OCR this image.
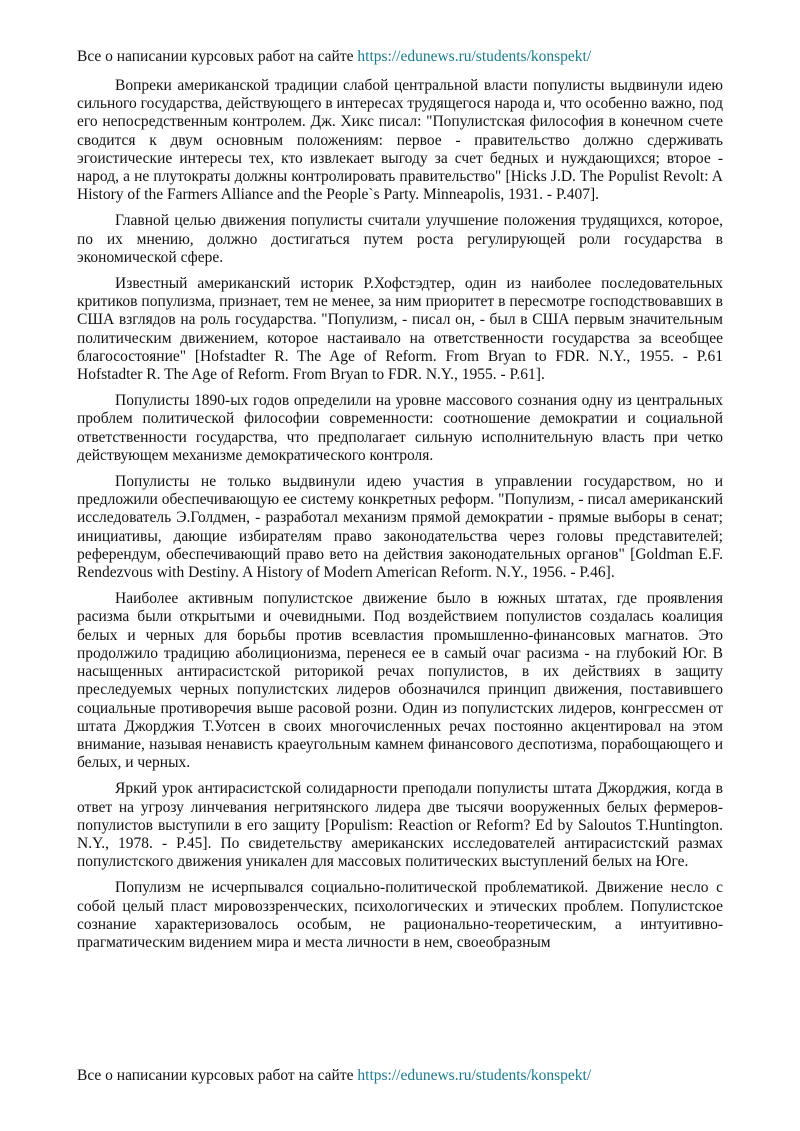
Все о написании курсовых работ на сайте https://edunews.ru/students/konspekt/

Вопреки американской традиции слабой центральной власти популисты выдвинули идею сильного государства, действующего в интересах трудящегося народа и, что особенно важно, под его непосредственным контролем. Дж. Хикс писал: "Популистская философия в конечном счете сводится к двум основным положениям: первое - правительство должно сдерживать эгоистические интересы тех, кто извлекает выгоду за счет бедных и нуждающихся; второе - народ, а не плутократы должны контролировать правительство" [Hicks J.D. The Populist Revolt: A History of the Farmers Alliance and the People`s Party. Minneapolis, 1931. - P.407].

Главной целью движения популисты считали улучшение положения трудящихся, которое, по их мнению, должно достигаться путем роста регулирующей роли государства в экономической сфере.

Известный американский историк Р.Хофстэдтер, один из наиболее последовательных критиков популизма, признает, тем не менее, за ним приоритет в пересмотре господствовавших в США взглядов на роль государства. "Популизм, - писал он, - был в США первым значительным политическим движением, которое настаивало на ответственности государства за всеобщее благосостояние" [Hofstadter R. The Age of Reform. From Bryan to FDR. N.Y., 1955. - P.61 Hofstadter R. The Age of Reform. From Bryan to FDR. N.Y., 1955. - P.61].

Популисты 1890-ых годов определили на уровне массового сознания одну из центральных проблем политической философии современности: соотношение демократии и социальной ответственности государства, что предполагает сильную исполнительную власть при четко действующем механизме демократического контроля.

Популисты не только выдвинули идею участия в управлении государством, но и предложили обеспечивающую ее систему конкретных реформ. "Популизм, - писал американский исследователь Э.Голдмен, - разработал механизм прямой демократии - прямые выборы в сенат; инициативы, дающие избирателям право законодательства через головы представителей; референдум, обеспечивающий право вето на действия законодательных органов" [Goldman E.F. Rendezvous with Destiny. A History of Modern American Reform. N.Y., 1956. - P.46].

Наиболее активным популистское движение было в южных штатах, где проявления расизма были открытыми и очевидными. Под воздействием популистов создалась коалиция белых и черных для борьбы против всевластия промышленно-финансовых магнатов. Это продолжило традицию аболиционизма, перенеся ее в самый очаг расизма - на глубокий Юг. В насыщенных антирасистской риторикой речах популистов, в их действиях в защиту преследуемых черных популистских лидеров обозначился принцип движения, поставившего социальные противоречия выше расовой розни. Один из популистских лидеров, конгрессмен от штата Джорджия Т.Уотсен в своих многочисленных речах постоянно акцентировал на этом внимание, называя ненависть краеугольным камнем финансового деспотизма, порабощающего и белых, и черных.

Яркий урок антирасистской солидарности преподали популисты штата Джорджия, когда в ответ на угрозу линчевания негритянского лидера две тысячи вооруженных белых фермеров-популистов выступили в его защиту [Populism: Reaction or Reform? Ed by Saloutos T.Huntington. N.Y., 1978. - P.45]. По свидетельству американских исследователей антирасистский размах популистского движения уникален для массовых политических выступлений белых на Юге.

Популизм не исчерпывался социально-политической проблематикой. Движение несло с собой целый пласт мировоззренческих, психологических и этических проблем. Популистское сознание характеризовалось особым, не рационально-теоретическим, а интуитивно-прагматическим видением мира и места личности в нем, своеобразным

Все о написании курсовых работ на сайте https://edunews.ru/students/konspekt/
